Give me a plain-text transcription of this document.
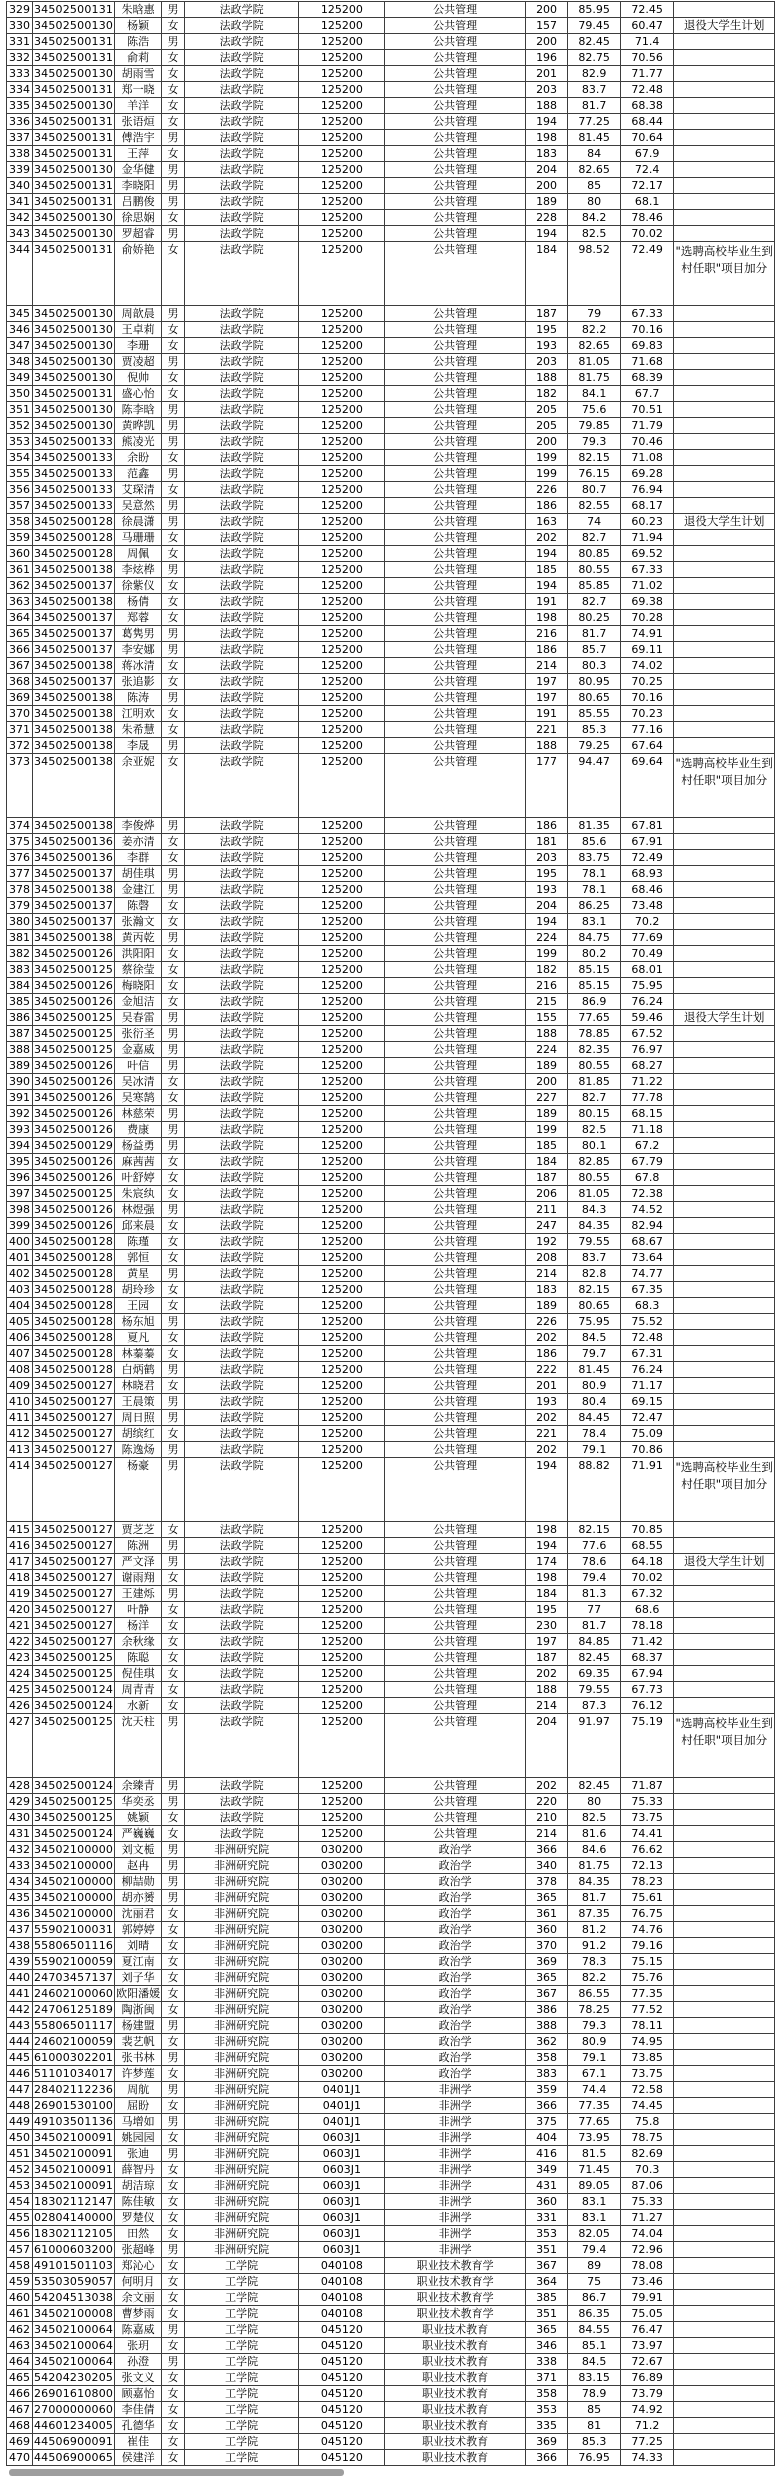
329	34502500131	朱晗惠	男	法政学院	125200	公共管理	200	85.95	72.45	
330	34502500130	杨颖	女	法政学院	125200	公共管理	157	79.45	60.47	退役大学生计划
331	34502500131	陈浩	男	法政学院	125200	公共管理	200	82.45	71.4	
332	34502500131	俞莉	女	法政学院	125200	公共管理	196	82.75	70.56	
333	34502500130	胡雨雪	女	法政学院	125200	公共管理	201	82.9	71.77	
334	34502500131	郑一晓	女	法政学院	125200	公共管理	203	83.7	72.48	
335	34502500130	羊洋	女	法政学院	125200	公共管理	188	81.7	68.38	
336	34502500131	张语烜	女	法政学院	125200	公共管理	194	77.25	68.44	
337	34502500131	傅浩宇	男	法政学院	125200	公共管理	198	81.45	70.64	
338	34502500131	王萍	女	法政学院	125200	公共管理	183	84	67.9	
339	34502500130	金华健	男	法政学院	125200	公共管理	204	82.65	72.4	
340	34502500131	李晓阳	男	法政学院	125200	公共管理	200	85	72.17	
341	34502500131	吕鹏俊	男	法政学院	125200	公共管理	189	80	68.1	
342	34502500130	徐思娴	女	法政学院	125200	公共管理	228	84.2	78.46	
343	34502500130	罗超睿	男	法政学院	125200	公共管理	194	82.5	70.02	
344	34502500131	俞娇艳	女	法政学院	125200	公共管理	184	98.52	72.49	"选聘高校毕业生到村任职"项目加分
345	34502500130	周歆晨	男	法政学院	125200	公共管理	187	79	67.33	
346	34502500130	王卓莉	女	法政学院	125200	公共管理	195	82.2	70.16	
347	34502500130	李珊	女	法政学院	125200	公共管理	193	82.65	69.83	
348	34502500130	贾凌超	男	法政学院	125200	公共管理	203	81.05	71.68	
349	34502500130	倪帅	女	法政学院	125200	公共管理	188	81.75	68.39	
350	34502500131	盛心怡	女	法政学院	125200	公共管理	182	84.1	67.7	
351	34502500130	陈李晗	男	法政学院	125200	公共管理	205	75.6	70.51	
352	34502500130	黄晔凯	男	法政学院	125200	公共管理	205	79.85	71.79	
353	34502500133	熊凌光	男	法政学院	125200	公共管理	200	79.3	70.46	
354	34502500133	余盼	女	法政学院	125200	公共管理	199	82.15	71.08	
355	34502500133	范鑫	男	法政学院	125200	公共管理	199	76.15	69.28	
356	34502500133	艾琛清	女	法政学院	125200	公共管理	226	80.7	76.94	
357	34502500133	吴意然	男	法政学院	125200	公共管理	186	82.55	68.17	
358	34502500128	徐晨潇	男	法政学院	125200	公共管理	163	74	60.23	退役大学生计划
359	34502500128	马珊珊	女	法政学院	125200	公共管理	202	82.7	71.94	
360	34502500128	周佩	女	法政学院	125200	公共管理	194	80.85	69.52	
361	34502500138	李炫桦	男	法政学院	125200	公共管理	185	80.55	67.33	
362	34502500137	徐紫仪	女	法政学院	125200	公共管理	194	85.85	71.02	
363	34502500138	杨倩	女	法政学院	125200	公共管理	191	82.7	69.38	
364	34502500137	郑蓉	女	法政学院	125200	公共管理	198	80.25	70.28	
365	34502500137	葛隽男	男	法政学院	125200	公共管理	216	81.7	74.91	
366	34502500137	李安娜	男	法政学院	125200	公共管理	186	85.7	69.11	
367	34502500138	蒋冰清	女	法政学院	125200	公共管理	214	80.3	74.02	
368	34502500137	张追影	女	法政学院	125200	公共管理	197	80.95	70.25	
369	34502500138	陈涛	男	法政学院	125200	公共管理	197	80.65	70.16	
370	34502500138	江明欢	女	法政学院	125200	公共管理	191	85.55	70.23	
371	34502500138	朱希慧	女	法政学院	125200	公共管理	221	85.3	77.16	
372	34502500138	李晟	男	法政学院	125200	公共管理	188	79.25	67.64	
373	34502500138	余亚妮	女	法政学院	125200	公共管理	177	94.47	69.64	"选聘高校毕业生到村任职"项目加分
374	34502500138	李俊烨	男	法政学院	125200	公共管理	186	81.35	67.81	
375	34502500136	姜亦清	女	法政学院	125200	公共管理	181	85.6	67.91	
376	34502500136	李群	女	法政学院	125200	公共管理	203	83.75	72.49	
377	34502500137	胡佳琪	男	法政学院	125200	公共管理	195	78.1	68.93	
378	34502500138	金建江	男	法政学院	125200	公共管理	193	78.1	68.46	
379	34502500137	陈磬	女	法政学院	125200	公共管理	204	86.25	73.48	
380	34502500137	张瀚文	女	法政学院	125200	公共管理	194	83.1	70.2	
381	34502500138	黄丙乾	男	法政学院	125200	公共管理	224	84.75	77.69	
382	34502500126	洪阳阳	女	法政学院	125200	公共管理	199	80.2	70.49	
383	34502500125	蔡徐莹	女	法政学院	125200	公共管理	182	85.15	68.01	
384	34502500126	梅晓阳	女	法政学院	125200	公共管理	216	85.15	75.95	
385	34502500126	金旭洁	女	法政学院	125200	公共管理	215	86.9	76.24	
386	34502500125	吴春雷	男	法政学院	125200	公共管理	155	77.65	59.46	退役大学生计划
387	34502500125	张衍圣	男	法政学院	125200	公共管理	188	78.85	67.52	
388	34502500125	金嘉威	男	法政学院	125200	公共管理	224	82.35	76.97	
389	34502500126	叶信	男	法政学院	125200	公共管理	189	80.55	68.27	
390	34502500126	吴冰清	女	法政学院	125200	公共管理	200	81.85	71.22	
391	34502500126	吴寒鹄	女	法政学院	125200	公共管理	227	82.7	77.78	
392	34502500126	林慈荣	男	法政学院	125200	公共管理	189	80.15	68.15	
393	34502500126	费康	男	法政学院	125200	公共管理	199	82.5	71.18	
394	34502500129	杨益勇	男	法政学院	125200	公共管理	185	80.1	67.2	
395	34502500126	麻茜茜	女	法政学院	125200	公共管理	184	82.85	67.79	
396	34502500126	叶舒婷	女	法政学院	125200	公共管理	187	80.55	67.8	
397	34502500125	朱宸纨	女	法政学院	125200	公共管理	206	81.05	72.38	
398	34502500126	林煜强	男	法政学院	125200	公共管理	211	84.3	74.52	
399	34502500126	邱来晨	女	法政学院	125200	公共管理	247	84.35	82.94	
400	34502500128	陈瑾	女	法政学院	125200	公共管理	192	79.55	68.67	
401	34502500128	郭恒	女	法政学院	125200	公共管理	208	83.7	73.64	
402	34502500128	黄星	男	法政学院	125200	公共管理	214	82.8	74.77	
403	34502500128	胡玲珍	女	法政学院	125200	公共管理	183	82.15	67.35	
404	34502500128	王园	女	法政学院	125200	公共管理	189	80.65	68.3	
405	34502500128	杨东旭	男	法政学院	125200	公共管理	226	75.95	75.52	
406	34502500128	夏凡	女	法政学院	125200	公共管理	202	84.5	72.48	
407	34502500128	林蓁蓁	女	法政学院	125200	公共管理	186	79.7	67.31	
408	34502500128	白炳鹤	男	法政学院	125200	公共管理	222	81.45	76.24	
409	34502500127	林晓君	女	法政学院	125200	公共管理	201	80.9	71.17	
410	34502500127	王晨策	男	法政学院	125200	公共管理	193	80.4	69.15	
411	34502500127	周日照	男	法政学院	125200	公共管理	202	84.45	72.47	
412	34502500127	胡缤红	女	法政学院	125200	公共管理	221	78.4	75.09	
413	34502500127	陈逸炀	男	法政学院	125200	公共管理	202	79.1	70.86	
414	34502500127	杨豪	男	法政学院	125200	公共管理	194	88.82	71.91	"选聘高校毕业生到村任职"项目加分
415	34502500127	贾芝芝	女	法政学院	125200	公共管理	198	82.15	70.85	
416	34502500127	陈洲	男	法政学院	125200	公共管理	194	77.6	68.55	
417	34502500127	严文泽	男	法政学院	125200	公共管理	174	78.6	64.18	退役大学生计划
418	34502500127	谢雨翔	女	法政学院	125200	公共管理	198	79.4	70.02	
419	34502500127	王建烁	男	法政学院	125200	公共管理	184	81.3	67.32	
420	34502500127	叶静	女	法政学院	125200	公共管理	195	77	68.6	
421	34502500127	杨洋	女	法政学院	125200	公共管理	230	81.7	78.18	
422	34502500127	余秋缘	女	法政学院	125200	公共管理	197	84.85	71.42	
423	34502500125	陈聪	女	法政学院	125200	公共管理	187	82.45	68.37	
424	34502500125	倪佳琪	女	法政学院	125200	公共管理	202	69.35	67.94	
425	34502500124	周青青	女	法政学院	125200	公共管理	188	79.55	67.73	
426	34502500124	水新	女	法政学院	125200	公共管理	214	87.3	76.12	
427	34502500125	沈天柱	男	法政学院	125200	公共管理	204	91.97	75.19	"选聘高校毕业生到村任职"项目加分
428	34502500124	余臻青	男	法政学院	125200	公共管理	202	82.45	71.87	
429	34502500125	华奕丞	男	法政学院	125200	公共管理	220	80	75.33	
430	34502500125	姚颖	女	法政学院	125200	公共管理	210	82.5	73.75	
431	34502500124	严巍巍	女	法政学院	125200	公共管理	214	81.6	74.41	
432	34502100000	刘文栀	男	非洲研究院	030200	政治学	366	84.6	76.62	
433	34502100000	赵冉	男	非洲研究院	030200	政治学	340	81.75	72.13	
434	34502100000	柳喆勋	男	非洲研究院	030200	政治学	378	84.35	78.23	
435	34502100000	胡亦赟	男	非洲研究院	030200	政治学	365	81.7	75.61	
436	34502100000	沈丽君	女	非洲研究院	030200	政治学	361	87.35	76.75	
437	55902100031	郭婷婷	女	非洲研究院	030200	政治学	360	81.2	74.76	
438	55806501116	刘晴	女	非洲研究院	030200	政治学	370	91.2	79.16	
439	55902100059	夏江南	女	非洲研究院	030200	政治学	369	78.3	75.15	
440	24703457137	刘子华	女	非洲研究院	030200	政治学	365	82.2	75.76	
441	24602100060	欧阳潘媛	女	非洲研究院	030200	政治学	367	86.55	77.35	
442	24706125189	陶浙闽	女	非洲研究院	030200	政治学	386	78.25	77.52	
443	55806501117	杨建盟	男	非洲研究院	030200	政治学	388	79.3	78.11	
444	24602100059	裴艺帆	女	非洲研究院	030200	政治学	362	80.9	74.95	
445	61000302201	张书林	男	非洲研究院	030200	政治学	358	79.1	73.85	
446	51101034017	许梦莲	女	非洲研究院	030200	政治学	383	67.1	73.75	
447	28402112236	周航	男	非洲研究院	0401J1	非洲学	359	74.4	72.58	
448	26901530100	屈盼	女	非洲研究院	0401J1	非洲学	366	77.35	74.45	
449	49103501136	马增如	男	非洲研究院	0401J1	非洲学	375	77.65	75.8	
450	34502100091	姚园园	女	非洲研究院	0603J1	非洲学	404	73.95	78.75	
451	34502100091	张迪	男	非洲研究院	0603J1	非洲学	416	81.5	82.69	
452	34502100091	薛智丹	女	非洲研究院	0603J1	非洲学	349	71.45	70.3	
453	34502100091	胡洁琼	女	非洲研究院	0603J1	非洲学	431	89.05	87.06	
454	18302112147	陈佳敏	女	非洲研究院	0603J1	非洲学	360	83.1	75.33	
455	02804140000	罗楚仪	女	非洲研究院	0603J1	非洲学	331	83.1	71.27	
456	18302112105	田然	女	非洲研究院	0603J1	非洲学	353	82.05	74.04	
457	61000603200	张超峰	男	非洲研究院	0603J1	非洲学	351	79.4	72.96	
458	49101501103	郑沁心	女	工学院	040108	职业技术教育学	367	89	78.08	
459	53503059057	何明月	女	工学院	040108	职业技术教育学	364	75	73.46	
460	54204513038	余文丽	女	工学院	040108	职业技术教育学	385	86.7	79.91	
461	34502100008	曹梦雨	女	工学院	040108	职业技术教育学	351	86.35	75.05	
462	34502100064	陈嘉威	男	工学院	045120	职业技术教育	365	84.55	76.47	
463	34502100064	张玥	女	工学院	045120	职业技术教育	346	85.1	73.97	
464	34502100064	孙澄	男	工学院	045120	职业技术教育	338	84.5	72.67	
465	54204230205	张文义	女	工学院	045120	职业技术教育	371	83.15	76.89	
466	26901610800	顾嘉怡	女	工学院	045120	职业技术教育	358	78.9	73.79	
467	27000000060	李佳倩	女	工学院	045120	职业技术教育	353	85	74.92	
468	44601234005	孔德华	女	工学院	045120	职业技术教育	335	81	71.2	
469	44506900091	崔佳	女	工学院	045120	职业技术教育	369	85.3	77.25	
470	44506900065	侯建洋	女	工学院	045120	职业技术教育	366	76.95	74.33	
